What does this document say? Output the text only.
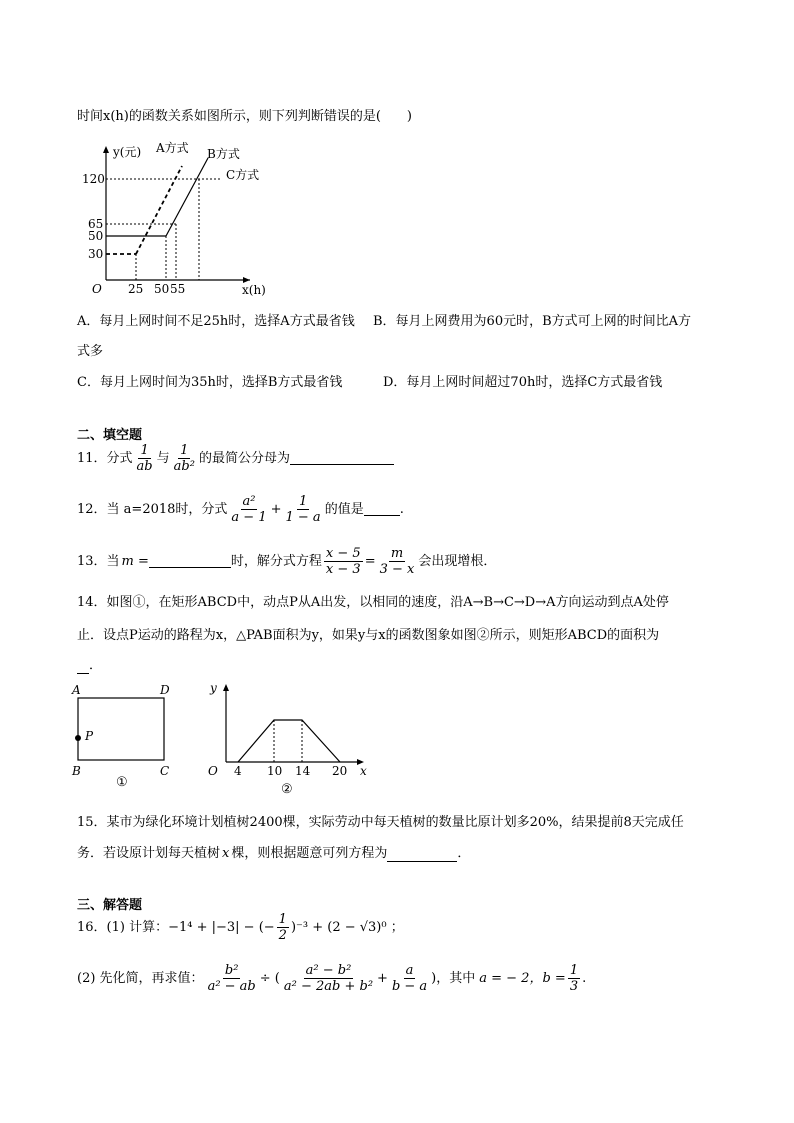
时间x(h)的函数关系如图所示，则下列判断错误的是(　　)
y(元) A方式 B方式
C方式
120
65
50
30
O 25 50 55	x(h)
A．每月上网时间不足25h时，选择A方式最省钱 B．每月上网费用为60元时，B方式可上网的时间比A方
式多
C．每月上网时间为35h时，选择B方式最省钱	D．每月上网时间超过70h时，选择C方式最省钱
二、填空题
11．分式 $\frac{1}{ab}$ 与 $\frac{1}{\text{ab²}}$ 的最简公分母为
12．当 a=2018时，分式 $\frac{\text{a²}}{a - 1} + \frac{1}{1 - a}$ 的值是	.
13．当 m =	时，解分式方程 $\frac{x - 5}{x - 3} = \frac{m}{3 - x}$ 会出现增根．
14．如图①，在矩形ABCD中，动点P从A出发，以相同的速度，沿A→B→C→D→A方向运动到点A处停
止．设点P运动的路程为x，△PAB面积为y，如果y与x的函数图象如图②所示，则矩形ABCD的面积为
．
A	D
B	C
P
①
y
x
O 4 10 14 20
②
15．某市为绿化环境计划植树2400棵，实际劳动中每天植树的数量比原计划多20%，结果提前8天完成任
务．若设原计划每天植树 x 棵，则根据题意可列方程为	．
三、解答题
16．(1) 计算： −1⁴ + |−3| − (− $\frac{1}{2} )^{-3} + (2 - √3)^0$ ；
(2) 先化简，再求值： $\frac{\text{b²}}{\text{a² − ab}}$ ÷ ( $\frac{\text{a² − b²}}{\text{a² − 2ab + b²}} + \frac{a}{b - a}$ )，其中 a = − 2，$b = \frac{1}{3}$ .
